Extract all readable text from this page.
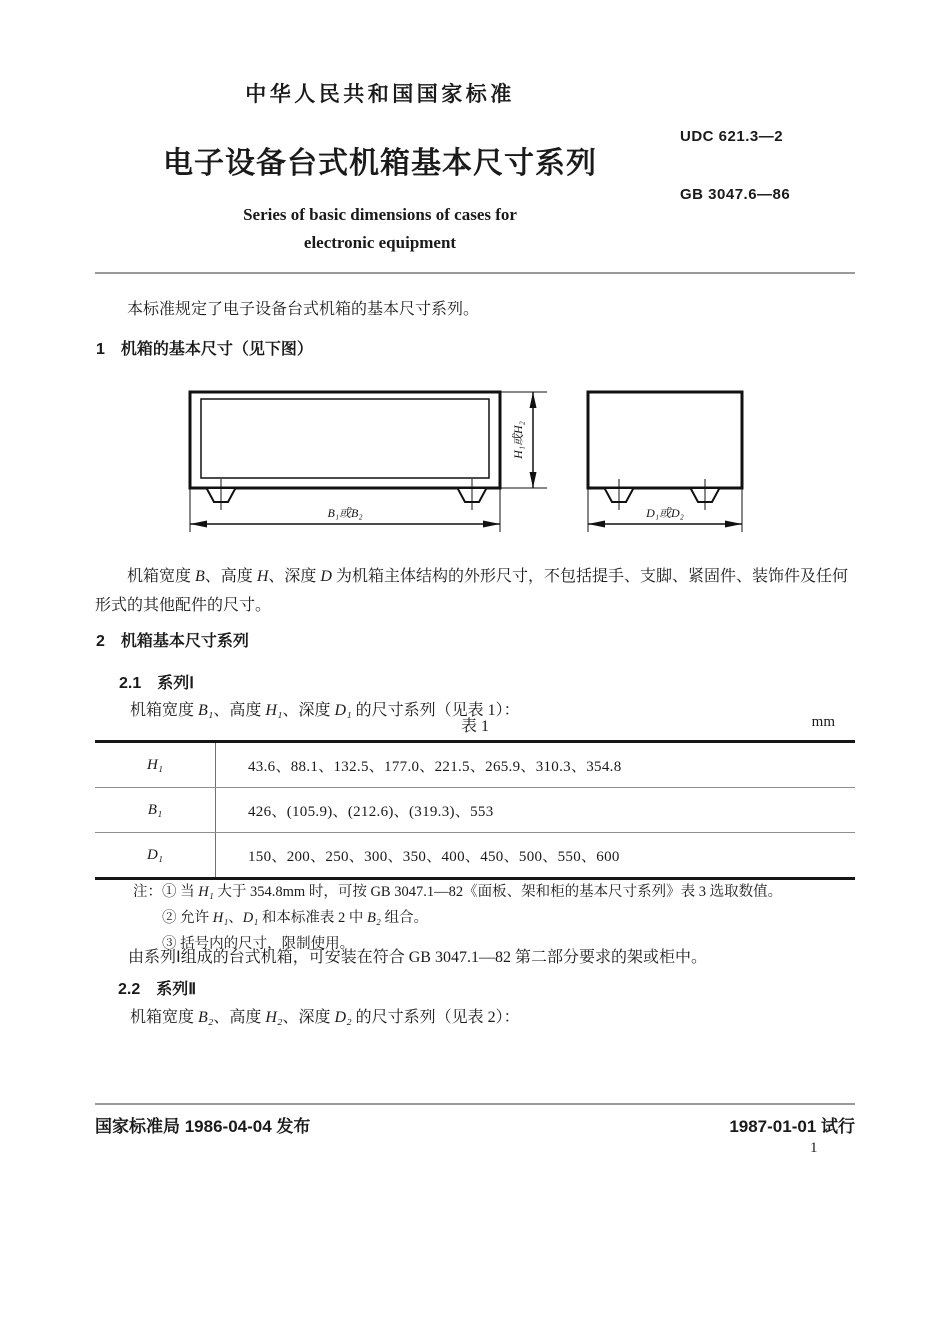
中华人民共和国国家标准
电子设备台式机箱基本尺寸系列
UDC 621.3—2
GB 3047.6—86
Series of basic dimensions of cases for
electronic equipment
本标准规定了电子设备台式机箱的基本尺寸系列。
1　机箱的基本尺寸（见下图）
B₁或B₂
H₁或H₂
D₁或D₂
机箱宽度 B、高度 H、深度 D 为机箱主体结构的外形尺寸，不包括提手、支脚、紧固件、装饰件及任何形式的其他配件的尺寸。
2　机箱基本尺寸系列
2.1　系列Ⅰ
机箱宽度 B₁、高度 H₁、深度 D₁ 的尺寸系列（见表 1）：
表 1	mm
H₁	43.6、88.1、132.5、177.0、221.5、265.9、310.3、354.8
B₁	426、(105.9)、(212.6)、(319.3)、553
D₁	150、200、250、300、350、400、450、500、550、600
注：① 当 H₁ 大于 354.8mm 时，可按 GB 3047.1—82《面板、架和柜的基本尺寸系列》表 3 选取数值。
② 允许 H₁、D₁ 和本标准表 2 中 B₂ 组合。
③ 括号内的尺寸，限制使用。
由系列Ⅰ组成的台式机箱，可安装在符合 GB 3047.1—82 第二部分要求的架或柜中。
2.2　系列Ⅱ
机箱宽度 B₂、高度 H₂、深度 D₂ 的尺寸系列（见表 2）：
国家标准局 1986-04-04 发布	1987-01-01 试行
1
